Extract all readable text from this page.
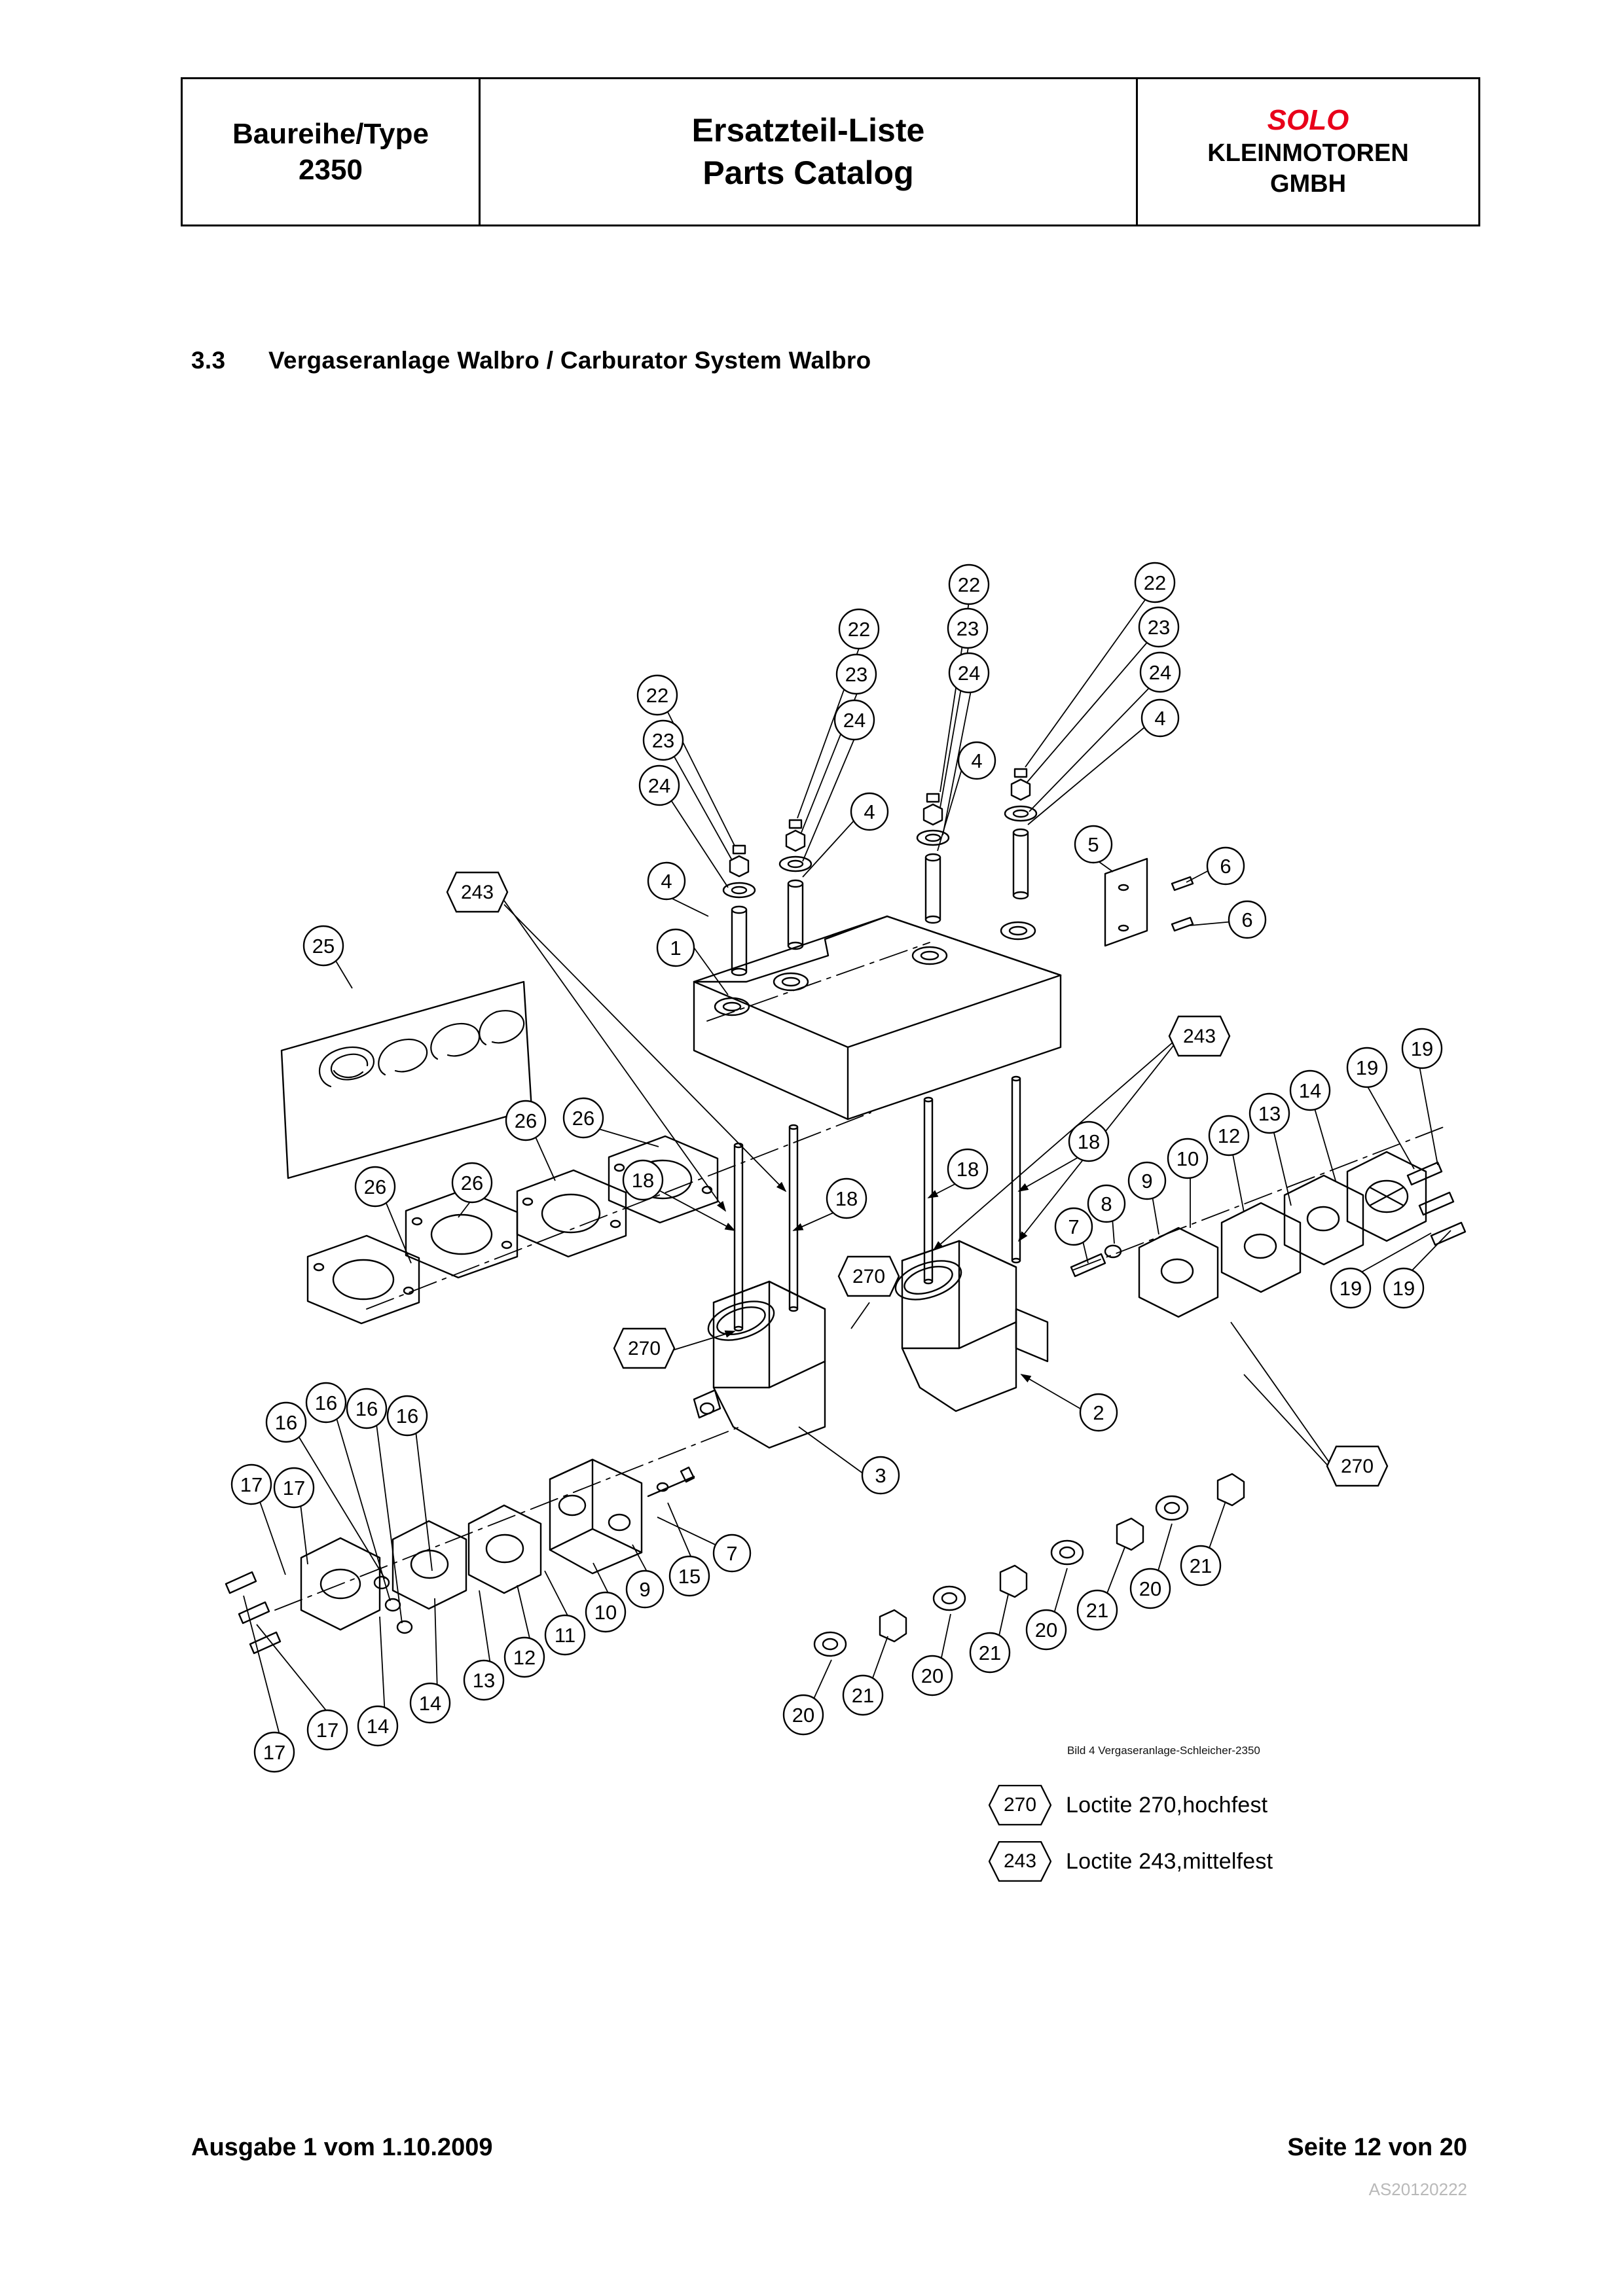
Baureihe/Type
2350
Ersatzteil-Liste
Parts Catalog
SOLO
KLEINMOTOREN
GMBH
3.3 Vergaseranlage Walbro / Carburator System Walbro
1
2
3
4
4
4
4
5
6
6
7
7
8
9
9
10
10
11
12
12
13
13
14
14
14
15
16
16 16 16
17 17
17
17
18
18
18
18
19
19
19 19
20
20
20
20
21
21
21
21
22
22
22	22
23
23
23	23
24
24
24	24
25
26	26
26 26
243
243
270
270
270
Bild 4 Vergaseranlage-Schleicher-2350
270	Loctite 270,hochfest
243	Loctite 243,mittelfest
Ausgabe 1 vom 1.10.2009	Seite 12 von 20
AS20120222
